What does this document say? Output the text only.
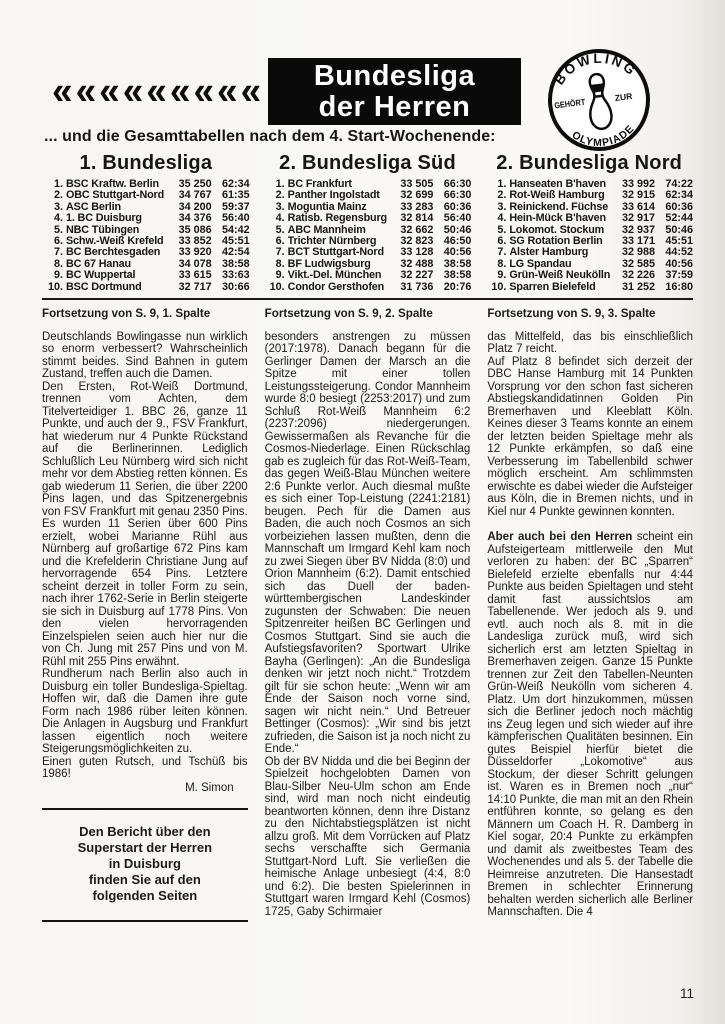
«««««««««	Bundesliga
der Herren
BOWLING
OLYMPIADE
GEHÖRT	ZUR
... und die Gesamttabellen nach dem 4. Start-Wochenende:
1. Bundesliga
1. BSC Kraftw. Berlin	35 250 62:34
2. OBC Stuttgart-Nord	34 767 61:35
3. ASC Berlin	34 200 59:37
4. 1. BC Duisburg	34 376 56:40
5. NBC Tübingen	35 086 54:42
6. Schw.-Weiß Krefeld	33 852 45:51
7. BC Berchtesgaden	33 920 42:54
8. BC 67 Hanau	34 078 38:58
9. BC Wuppertal	33 615 33:63
10. BSC Dortmund	32 717 30:66
2. Bundesliga Süd
1. BC Frankfurt	33 505 66:30
2. Panther Ingolstadt	32 699 66:30
3. Moguntia Mainz	33 283 60:36
4. Ratisb. Regensburg	32 814 56:40
5. ABC Mannheim	32 662 50:46
6. Trichter Nürnberg	32 823 46:50
7. BCT Stuttgart-Nord	33 128 40:56
8. BF Ludwigsburg	32 488 38:58
9. Vikt.-Del. München	32 227 38:58
10. Condor Gersthofen	31 736 20:76
2. Bundesliga Nord
1. Hanseaten B'haven	33 992 74:22
2. Rot-Weiß Hamburg	32 915 62:34
3. Reinickend. Füchse	33 614 60:36
4. Hein-Mück B'haven	32 917 52:44
5. Lokomot. Stockum	32 937 50:46
6. SG Rotation Berlin	33 171 45:51
7. Alster Hamburg	32 988 44:52
8. LG Spandau	32 585 40:56
9. Grün-Weiß Neukölln	32 226 37:59
10. Sparren Bielefeld	31 252 16:80
Fortsetzung von S. 9, 1. Spalte

Deutschlands Bowlingasse nun wirklich so enorm verbessert? Wahrscheinlich stimmt beides. Sind Bahnen in gutem Zustand, treffen auch die Damen.

Den Ersten, Rot-Weiß Dortmund, trennen vom Achten, dem Titelverteidiger 1. BBC 26, ganze 11 Punkte, und auch der 9., FSV Frankfurt, hat wiederum nur 4 Punkte Rückstand auf die Berlinerinnen. Lediglich Schlußlich Leu Nürnberg wird sich nicht mehr vor dem Abstieg retten können. Es gab wiederum 11 Serien, die über 2200 Pins lagen, und das Spitzenergebnis von FSV Frankfurt mit genau 2350 Pins. Es wurden 11 Serien über 600 Pins erzielt, wobei Marianne Rühl aus Nürnberg auf großartige 672 Pins kam und die Krefelderin Christiane Jung auf hervorragende 654 Pins. Letztere scheint derzeit in toller Form zu sein, nach ihrer 1762-Serie in Berlin steigerte sie sich in Duisburg auf 1778 Pins. Von den vielen hervorragenden Einzelspielen seien auch hier nur die von Ch. Jung mit 257 Pins und von M. Rühl mit 255 Pins erwähnt.

Rundherum nach Berlin also auch in Duisburg ein toller Bundesliga-Spieltag. Hoffen wir, daß die Damen ihre gute Form nach 1986 rüber leiten können. Die Anlagen in Augsburg und Frankfurt lassen eigentlich noch weitere Steigerungsmöglichkeiten zu.

Einen guten Rutsch, und Tschüß bis 1986!

M. Simon
Den Bericht über den
Superstart der Herren
in Duisburg
finden Sie auf den
folgenden Seiten
Fortsetzung von S. 9, 2. Spalte

besonders anstrengen zu müssen (2017:1978). Danach begann für die Gerlinger Damen der Marsch an die Spitze mit einer tollen Leistungssteigerung. Condor Mannheim wurde 8:0 besiegt (2253:2017) und zum Schluß Rot-Weiß Mannheim 6:2 (2237:2096) niedergerungen. Gewissermaßen als Revanche für die Cosmos-Niederlage. Einen Rückschlag gab es zugleich für das Rot-Weiß-Team, das gegen Weiß-Blau München weitere 2:6 Punkte verlor. Auch diesmal mußte es sich einer Top-Leistung (2241:2181) beugen. Pech für die Damen aus Baden, die auch noch Cosmos an sich vorbeiziehen lassen mußten, denn die Mannschaft um Irmgard Kehl kam noch zu zwei Siegen über BV Nidda (8:0) und Orion Mannheim (6:2). Damit entschied sich das Duell der baden-württembergischen Landeskinder zugunsten der Schwaben: Die neuen Spitzenreiter heißen BC Gerlingen und Cosmos Stuttgart. Sind sie auch die Aufstiegsfavoriten? Sportwart Ulrike Bayha (Gerlingen): „An die Bundesliga denken wir jetzt noch nicht.“ Trotzdem gilt für sie schon heute: „Wenn wir am Ende der Saison noch vorne sind, sagen wir nicht nein.“ Und Betreuer Bettinger (Cosmos): „Wir sind bis jetzt zufrieden, die Saison ist ja noch nicht zu Ende.“

Ob der BV Nidda und die bei Beginn der Spielzeit hochgelobten Damen von Blau-Silber Neu-Ulm schon am Ende sind, wird man noch nicht eindeutig beantworten können, denn ihre Distanz zu den Nichtabstiegsplätzen ist nicht allzu groß. Mit dem Vorrücken auf Platz sechs verschaffte sich Germania Stuttgart-Nord Luft. Sie verließen die heimische Anlage unbesiegt (4:4, 8:0 und 6:2). Die besten Spielerinnen in Stuttgart waren Irmgard Kehl (Cosmos) 1725, Gaby Schirmaier

Fortsetzung von S. 9, 3. Spalte

das Mittelfeld, das bis einschließlich Platz 7 reicht.

Auf Platz 8 befindet sich derzeit der DBC Hanse Hamburg mit 14 Punkten Vorsprung vor den schon fast sicheren Abstiegskandidatinnen Golden Pin Bremerhaven und Kleeblatt Köln. Keines dieser 3 Teams konnte an einem der letzten beiden Spieltage mehr als 12 Punkte erkämpfen, so daß eine Verbesserung im Tabellenbild schwer möglich erscheint. Am schlimmsten erwischte es dabei wieder die Aufsteiger aus Köln, die in Bremen nichts, und in Kiel nur 4 Punkte gewinnen konnten.

Aber auch bei den Herren scheint ein Aufsteigerteam mittlerweile den Mut verloren zu haben: der BC „Sparren“ Bielefeld erzielte ebenfalls nur 4:44 Punkte aus beiden Spieltagen und steht damit fast aussichtslos am Tabellenende. Wer jedoch als 9. und evtl. auch noch als 8. mit in die Landesliga zurück muß, wird sich sicherlich erst am letzten Spieltag in Bremerhaven zeigen. Ganze 15 Punkte trennen zur Zeit den Tabellen-Neunten Grün-Weiß Neukölln vom sicheren 4. Platz. Um dort hinzukommen, müssen sich die Berliner jedoch noch mächtig ins Zeug legen und sich wieder auf ihre kämpferischen Qualitäten besinnen. Ein gutes Beispiel hierfür bietet die Düsseldorfer „Lokomotive“ aus Stockum, der dieser Schritt gelungen ist. Waren es in Bremen noch „nur“ 14:10 Punkte, die man mit an den Rhein entführen konnte, so gelang es den Männern um Coach H. R. Damberg in Kiel sogar, 20:4 Punkte zu erkämpfen und damit als zweitbestes Team des Wochenendes und als 5. der Tabelle die Heimreise anzutreten. Die Hansestadt Bremen in schlechter Erinnerung behalten werden sicherlich alle Berliner Mannschaften. Die 4

11
